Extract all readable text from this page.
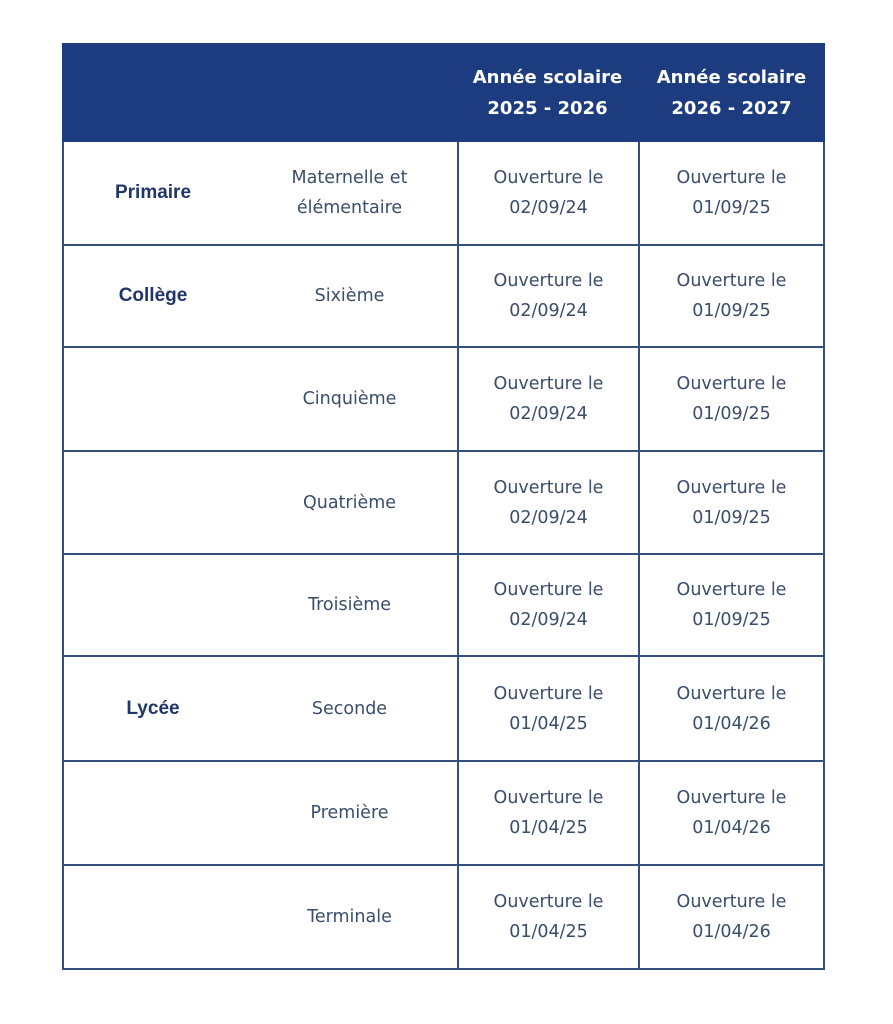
Année scolaire
2025 - 2026
Année scolaire
2026 - 2027
Primaire
Maternelle et
élémentaire
Ouverture le
02/09/24
Ouverture le
01/09/25
Collège	Sixième
Ouverture le
02/09/24
Ouverture le
01/09/25
Cinquième
Ouverture le
02/09/24
Ouverture le
01/09/25
Quatrième
Ouverture le
02/09/24
Ouverture le
01/09/25
Troisième
Ouverture le
02/09/24
Ouverture le
01/09/25
Lycée	Seconde
Ouverture le
01/04/25
Ouverture le
01/04/26
Première
Ouverture le
01/04/25
Ouverture le
01/04/26
Terminale
Ouverture le
01/04/25
Ouverture le
01/04/26
